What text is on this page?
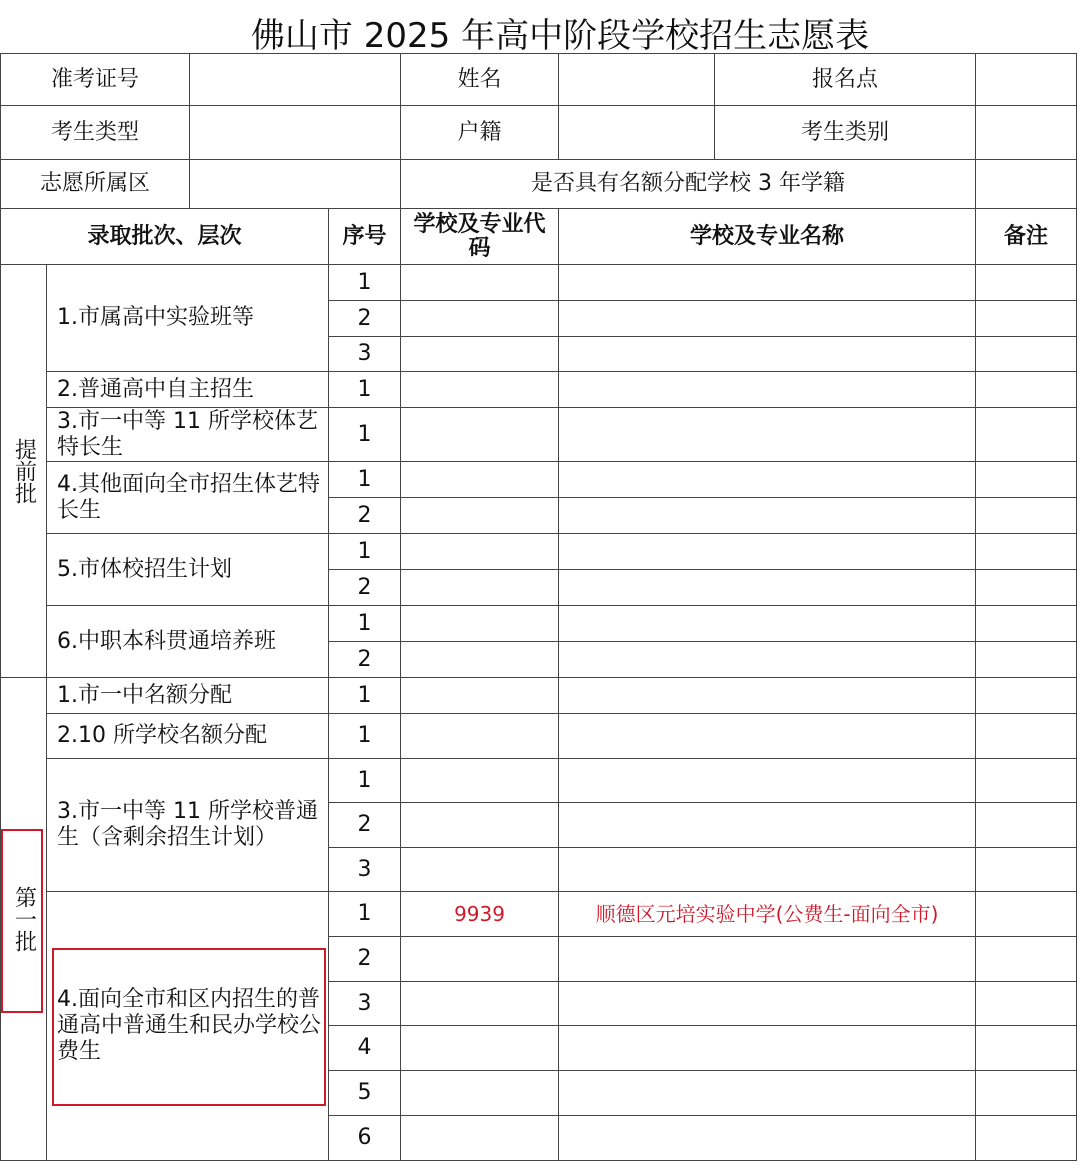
佛山市 2025 年高中阶段学校招生志愿表
准考证号		姓名		报名点	
考生类型		户籍		考生类别	
志愿所属区		是否具有名额分配学校 3 年学籍			
录取批次、层次		序号	学校及专业代码	学校及专业名称	备注
提前批	1.市属高中实验班等	1			
		2			
		3			
	2.普通高中自主招生	1			
	3.市一中等 11 所学校体艺特长生	1			
	4.其他面向全市招生体艺特长生	1			
		2			
	5.市体校招生计划	1			
		2			
	6.中职本科贯通培养班	1			
		2			
第一批	1.市一中名额分配	1			
	2.10 所学校名额分配	1			
	3.市一中等 11 所学校普通生（含剩余招生计划）	1			
		2			
		3			
	4.面向全市和区内招生的普通高中普通生和民办学校公费生	1	9939	顺德区元培实验中学(公费生-面向全市)	
		2			
		3			
		4			
		5			
		6			
